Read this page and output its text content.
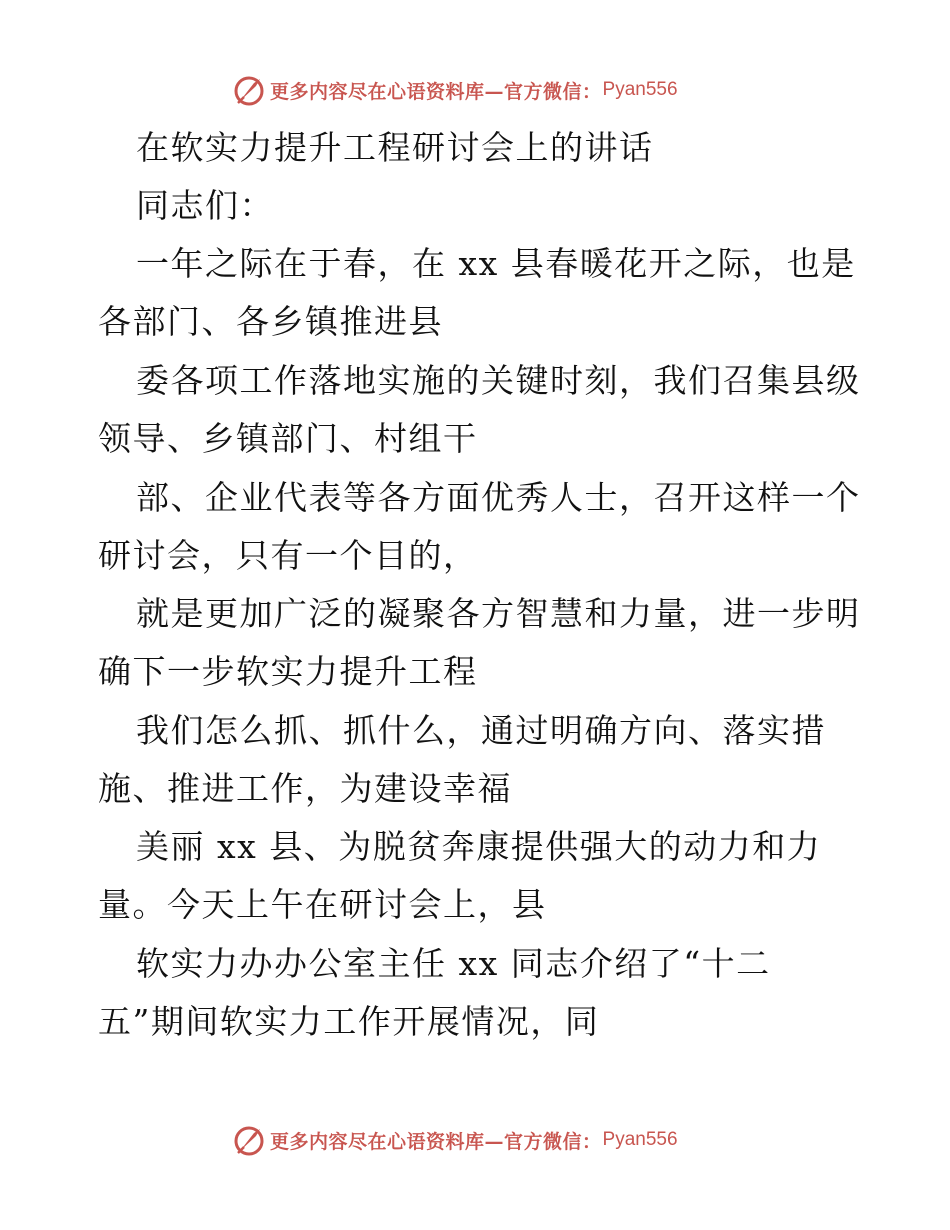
更多内容尽在心语资料库—官方微信： Pyan556
在软实力提升工程研讨会上的讲话
同志们：
一年之际在于春，在 xx 县春暖花开之际，也是
各部门、各乡镇推进县
委各项工作落地实施的关键时刻，我们召集县级
领导、乡镇部门、村组干
部、企业代表等各方面优秀人士，召开这样一个
研讨会，只有一个目的，
就是更加广泛的凝聚各方智慧和力量，进一步明
确下一步软实力提升工程
我们怎么抓、抓什么，通过明确方向、落实措
施、推进工作，为建设幸福
美丽 xx 县、为脱贫奔康提供强大的动力和力
量。今天上午在研讨会上，县
软实力办办公室主任 xx 同志介绍了“十二
五”期间软实力工作开展情况，同
更多内容尽在心语资料库—官方微信： Pyan556
